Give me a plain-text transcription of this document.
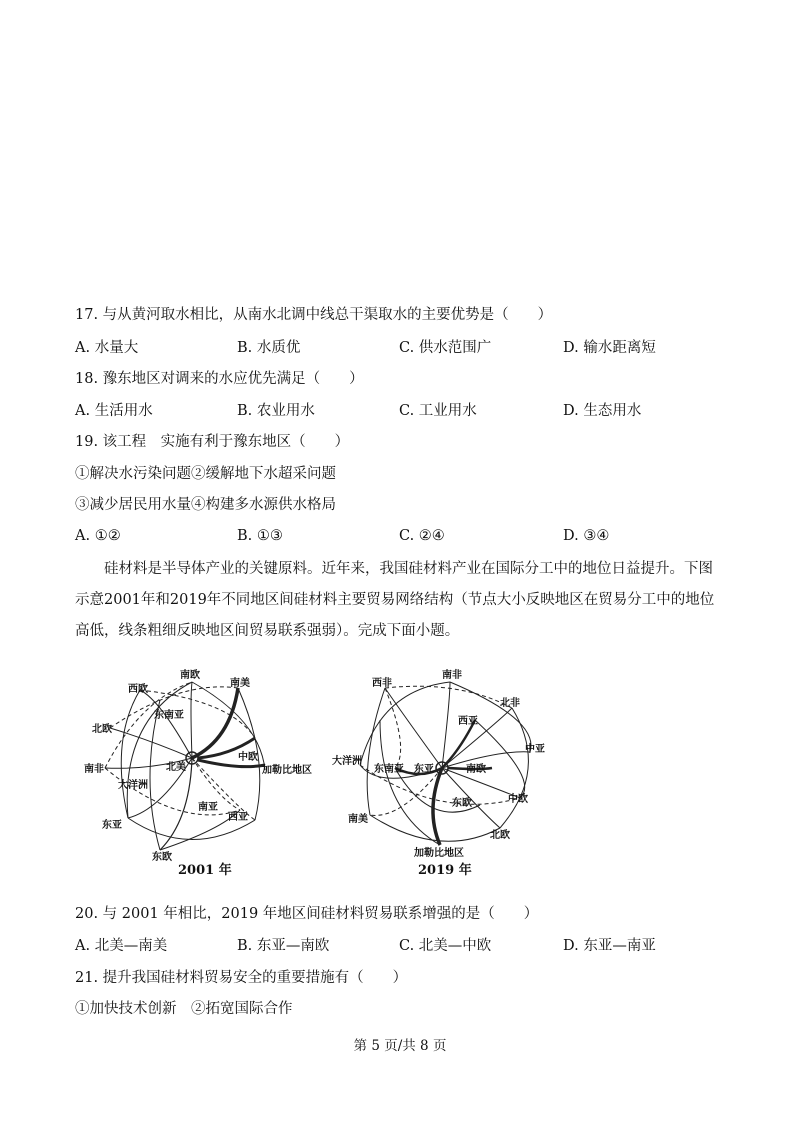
17. 与从黄河取水相比，从南水北调中线总干渠取水的主要优势是（　　）
A. 水量大	B. 水质优	C. 供水范围广	D. 输水距离短
18. 豫东地区对调来的水应优先满足（　　）
A. 生活用水	B. 农业用水	C. 工业用水	D. 生态用水
19. 该工程　实施有利于豫东地区（　　）
①解决水污染问题②缓解地下水超采问题
③减少居民用水量④构建多水源供水格局
A. ①②	B. ①③	C. ②④	D. ③④
硅材料是半导体产业的关键原料。近年来，我国硅材料产业在国际分工中的地位日益提升。下图示意2001年和2019年不同地区间硅材料主要贸易网络结构（节点大小反映地区在贸易分工中的地位高低，线条粗细反映地区间贸易联系强弱）。完成下面小题。
南欧
西欧
南美
北欧
东南亚
南非	北美
中欧
加勒比地区
大洋洲
南亚
西亚
东亚
东欧
2001 年
南非
西非
北非
西亚
中亚
大洋洲
东南亚 东亚	南欧
中欧
东欧
南美
北欧
加勒比地区
2019 年
20. 与 2001 年相比，2019 年地区间硅材料贸易联系增强的是（　　）
A. 北美—南美	B. 东亚—南欧	C. 北美—中欧	D. 东亚—南亚
21. 提升我国硅材料贸易安全的重要措施有（　　）
①加快技术创新　②拓宽国际合作
第 5 页/共 8 页
